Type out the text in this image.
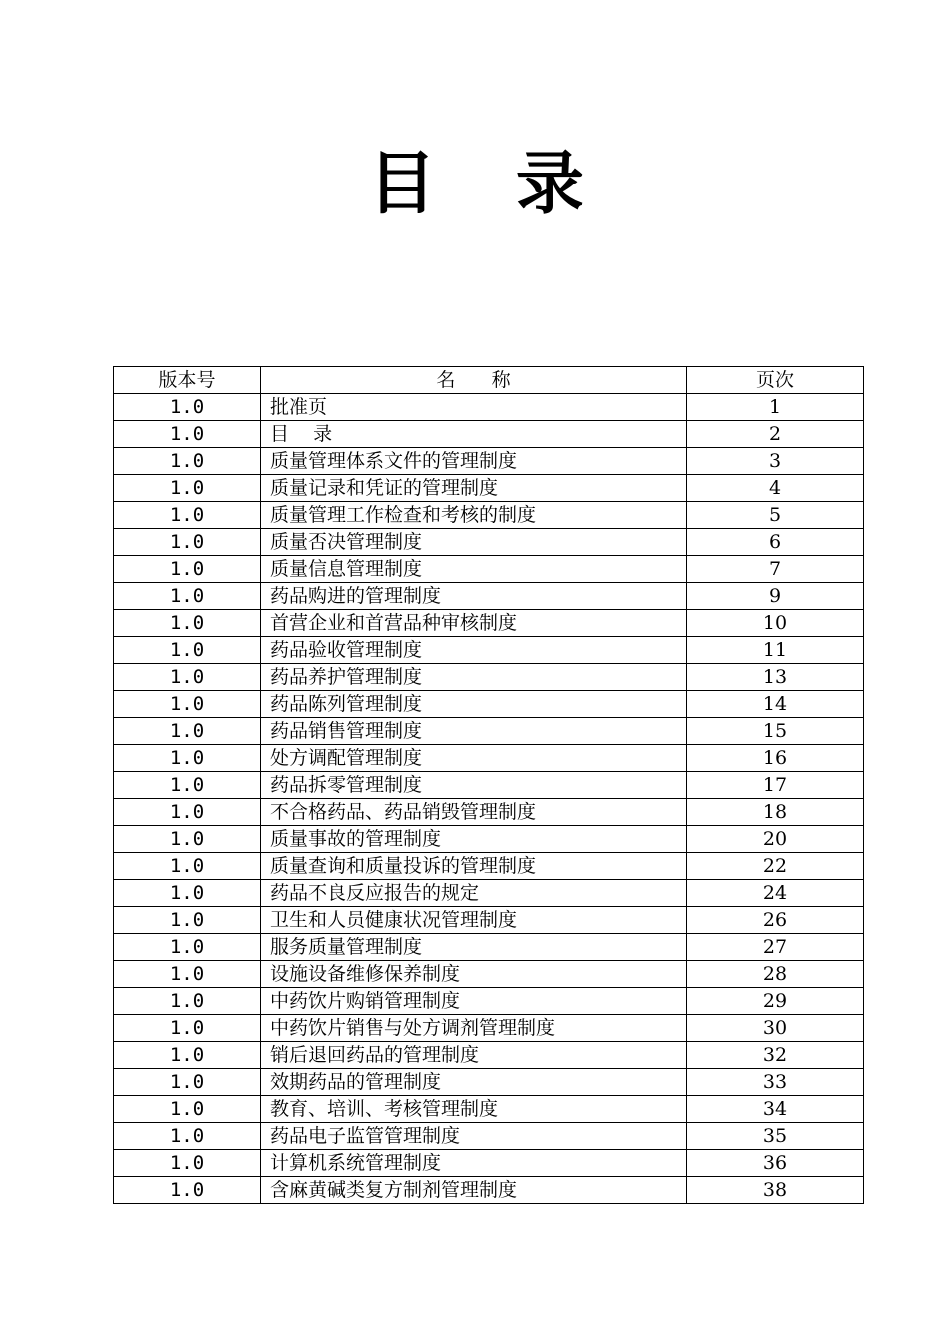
目 录
版本号	名      称	页次
1.0	批准页	1
1.0	目    录	2
1.0	质量管理体系文件的管理制度	3
1.0	质量记录和凭证的管理制度	4
1.0	质量管理工作检查和考核的制度	5
1.0	质量否决管理制度	6
1.0	质量信息管理制度	7
1.0	药品购进的管理制度	9
1.0	首营企业和首营品种审核制度	10
1.0	药品验收管理制度	11
1.0	药品养护管理制度	13
1.0	药品陈列管理制度	14
1.0	药品销售管理制度	15
1.0	处方调配管理制度	16
1.0	药品拆零管理制度	17
1.0	不合格药品、药品销毁管理制度	18
1.0	质量事故的管理制度	20
1.0	质量查询和质量投诉的管理制度	22
1.0	药品不良反应报告的规定	24
1.0	卫生和人员健康状况管理制度	26
1.0	服务质量管理制度	27
1.0	设施设备维修保养制度	28
1.0	中药饮片购销管理制度	29
1.0	中药饮片销售与处方调剂管理制度	30
1.0	销后退回药品的管理制度	32
1.0	效期药品的管理制度	33
1.0	教育、培训、考核管理制度	34
1.0	药品电子监管管理制度	35
1.0	计算机系统管理制度	36
1.0	含麻黄碱类复方制剂管理制度	38
